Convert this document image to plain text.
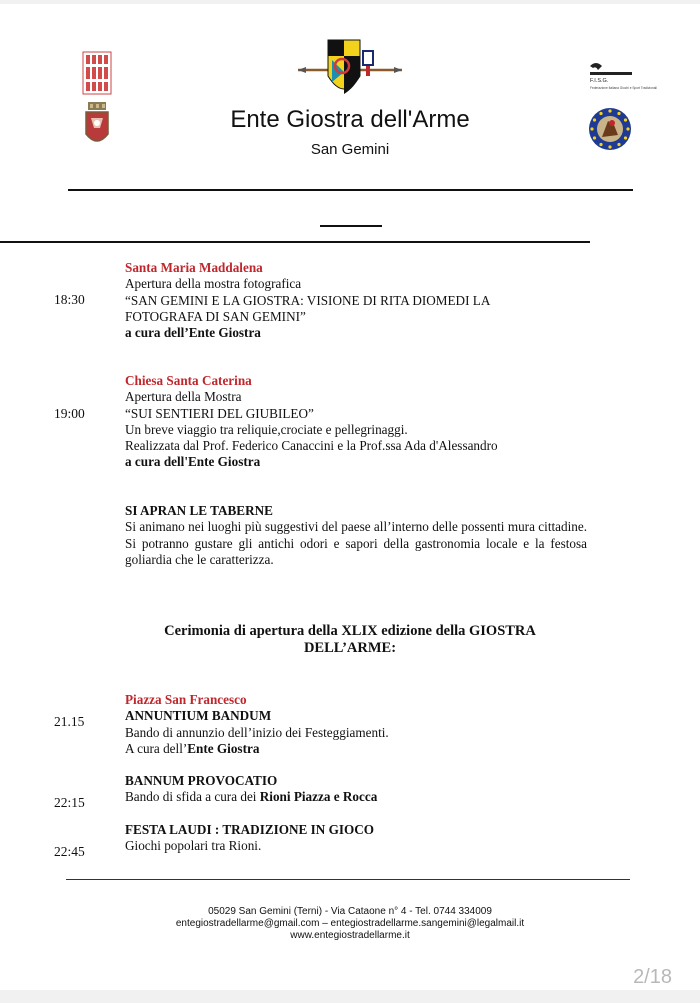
Ente Giostra dell'Arme
San Gemini
F.I.S.G.
Federazione Italiana Giochi e Sport Tradizionali
18:30
Santa Maria Maddalena
Apertura della mostra fotografica
“SAN GEMINI E LA GIOSTRA: VISIONE DI RITA DIOMEDI LA
FOTOGRAFA DI SAN GEMINI”
a cura dell’Ente Giostra
19:00
Chiesa Santa Caterina
Apertura della Mostra
“SUI SENTIERI DEL GIUBILEO”
Un breve viaggio tra reliquie,crociate e pellegrinaggi.
Realizzata dal Prof. Federico Canaccini e la Prof.ssa Ada d'Alessandro
a cura dell'Ente Giostra
SI APRAN LE TABERNE
Si animano nei luoghi più suggestivi del paese all’interno delle possenti mura cittadine. Si potranno gustare gli antichi odori e sapori della gastronomia locale e la festosa goliardia che le caratterizza.
Cerimonia di apertura della XLIX edizione della GIOSTRA
DELL’ARME:
21.15
Piazza San Francesco
ANNUNTIUM BANDUM
Bando di annunzio dell’inizio dei Festeggiamenti.
A cura dell’Ente Giostra
22:15
BANNUM PROVOCATIO
Bando di sfida a cura dei Rioni Piazza e Rocca
22:45
FESTA LAUDI : TRADIZIONE IN GIOCO
Giochi popolari tra Rioni.
05029 San Gemini (Terni) - Via Cataone n° 4 - Tel. 0744 334009
entegiostradellarme@gmail.com – entegiostradellarme.sangemini@legalmail.it
www.entegiostradellarme.it
2/18
